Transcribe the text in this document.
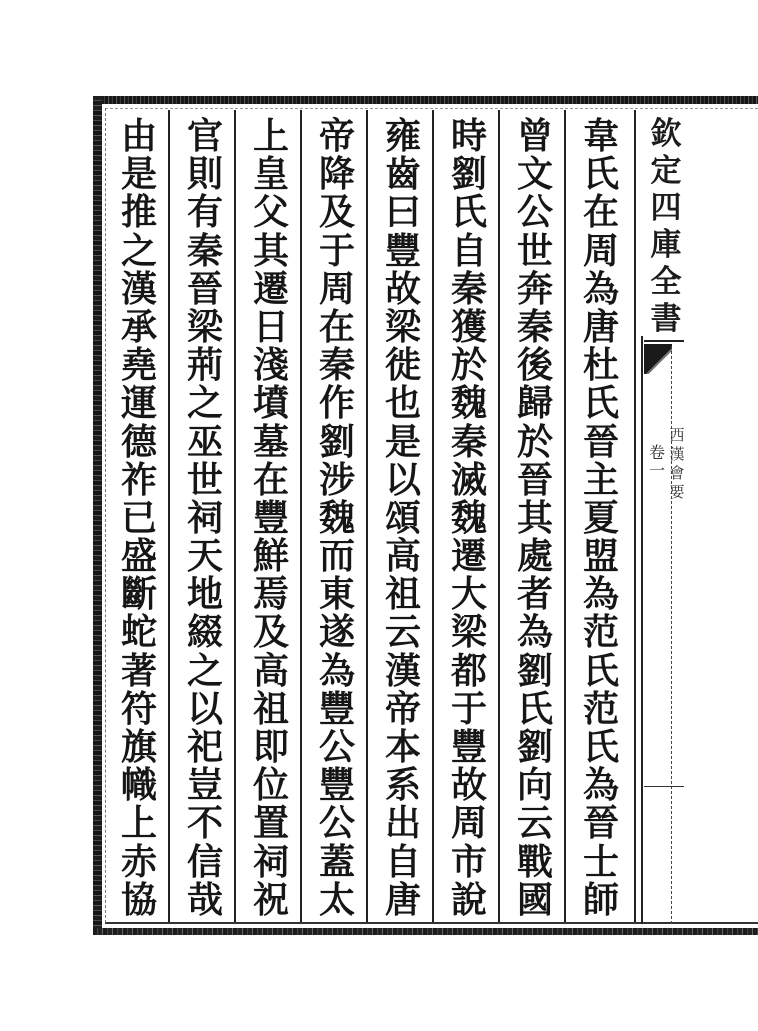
韋
氏
在
周
為
唐
杜
氏
晉
主
夏
盟
為
范
氏
范
氏
為
晉
士
師
曾
文
公
世
奔
秦
後
歸
於
晉
其
處
者
為
劉
氏
劉
向
云
戰
國
時
劉
氏
自
秦
獲
於
魏
秦
滅
魏
遷
大
梁
都
于
豐
故
周
市
說
雍
齒
曰
豐
故
梁
徙
也
是
以
頌
高
祖
云
漢
帝
本
系
出
自
唐
帝
降
及
于
周
在
秦
作
劉
涉
魏
而
東
遂
為
豐
公
豐
公
蓋
太
上
皇
父
其
遷
日
淺
墳
墓
在
豐
鮮
焉
及
高
祖
即
位
置
祠
祝
官
則
有
秦
晉
梁
荊
之
巫
世
祠
天
地
綴
之
以
祀
豈
不
信
哉
由
是
推
之
漢
承
堯
運
德
祚
已
盛
斷
蛇
著
符
旗
幟
上
赤
協
欽
定
四
庫
全
書
西
漢
會
要
卷
一
